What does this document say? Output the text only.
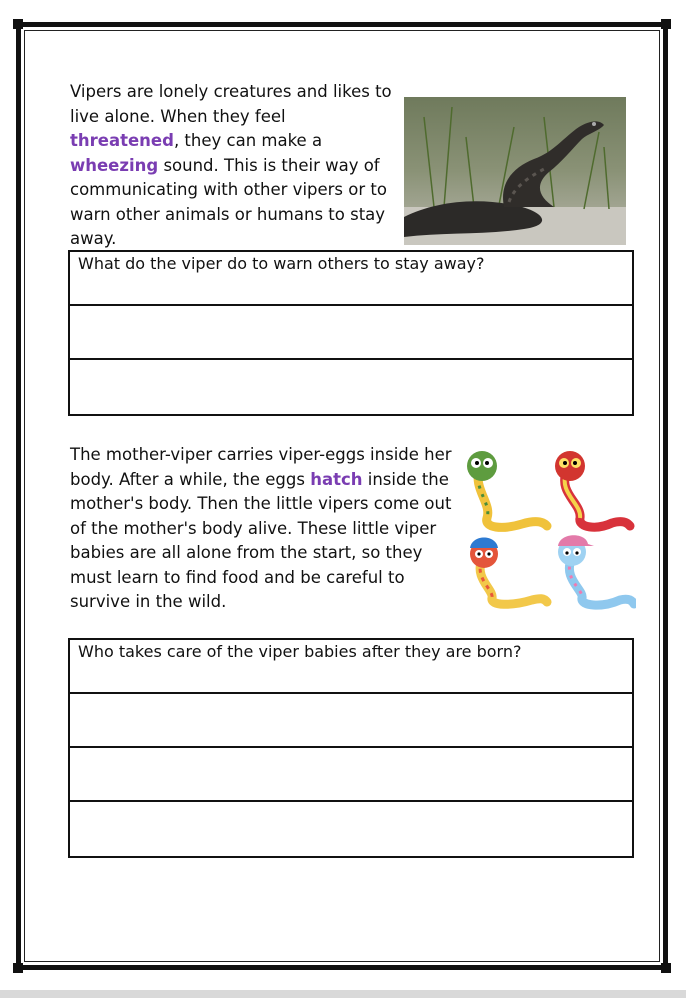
Vipers are lonely creatures and likes to live alone. When they feel threatened, they can make a wheezing sound. This is their way of communicating with other vipers or to warn other animals or humans to stay away.

What do the viper do to warn others to stay away?

The mother-viper carries viper-eggs inside her body. After a while, the eggs hatch inside the mother's body. Then the little vipers come out of the mother's body alive. These little viper babies are all alone from the start, so they must learn to find food and be careful to survive in the wild.

Who takes care of the viper babies after they are born?
